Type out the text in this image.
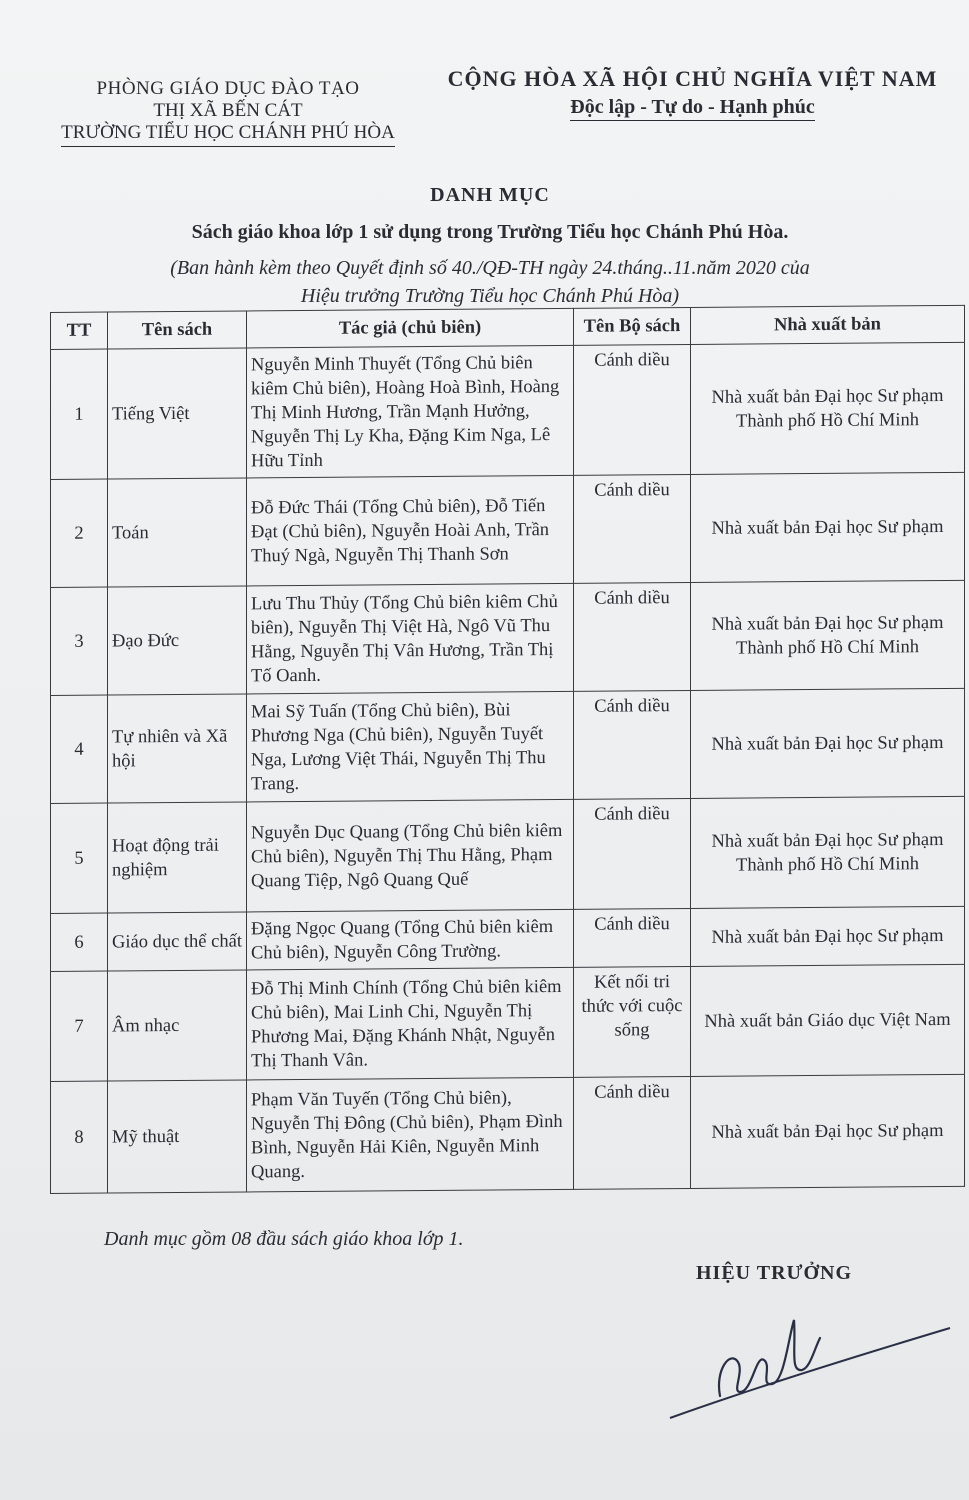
PHÒNG GIÁO DỤC ĐÀO TẠO
THỊ XÃ BẾN CÁT
TRƯỜNG TIỂU HỌC CHÁNH PHÚ HÒA
CỘNG HÒA XÃ HỘI CHỦ NGHĨA VIỆT NAM
Độc lập - Tự do - Hạnh phúc
DANH MỤC
Sách giáo khoa lớp 1 sử dụng trong Trường Tiểu học Chánh Phú Hòa.
(Ban hành kèm theo Quyết định số 40./QĐ-TH ngày 24.tháng..11.năm 2020 của
Hiệu trưởng Trường Tiểu học Chánh Phú Hòa)
TT	Tên sách	Tác giả (chủ biên)	Tên Bộ sách	Nhà xuất bản
1	Tiếng Việt	Nguyễn Minh Thuyết (Tổng Chủ biên kiêm Chủ biên), Hoàng Hoà Bình, Hoàng Thị Minh Hương, Trần Mạnh Hưởng, Nguyễn Thị Ly Kha, Đặng Kim Nga, Lê Hữu Tỉnh	Cánh diều	Nhà xuất bản Đại học Sư phạm Thành phố Hồ Chí Minh
2	Toán	Đỗ Đức Thái (Tổng Chủ biên), Đỗ Tiến Đạt (Chủ biên), Nguyễn Hoài Anh, Trần Thuý Ngà, Nguyễn Thị Thanh Sơn	Cánh diều	Nhà xuất bản Đại học Sư phạm
3	Đạo Đức	Lưu Thu Thủy (Tổng Chủ biên kiêm Chủ biên), Nguyễn Thị Việt Hà, Ngô Vũ Thu Hằng, Nguyễn Thị Vân Hương, Trần Thị Tố Oanh.	Cánh diều	Nhà xuất bản Đại học Sư phạm Thành phố Hồ Chí Minh
4	Tự nhiên và Xã hội	Mai Sỹ Tuấn (Tổng Chủ biên), Bùi Phương Nga (Chủ biên), Nguyễn Tuyết Nga, Lương Việt Thái, Nguyễn Thị Thu Trang.	Cánh diều	Nhà xuất bản Đại học Sư phạm
5	Hoạt động trải nghiệm	Nguyễn Dục Quang (Tổng Chủ biên kiêm Chủ biên), Nguyễn Thị Thu Hằng, Phạm Quang Tiệp, Ngô Quang Quế	Cánh diều	Nhà xuất bản Đại học Sư phạm Thành phố Hồ Chí Minh
6	Giáo dục thể chất	Đặng Ngọc Quang (Tổng Chủ biên kiêm Chủ biên), Nguyễn Công Trường.	Cánh diều	Nhà xuất bản Đại học Sư phạm
7	Âm nhạc	Đỗ Thị Minh Chính (Tổng Chủ biên kiêm Chủ biên), Mai Linh Chi, Nguyễn Thị Phương Mai, Đặng Khánh Nhật, Nguyễn Thị Thanh Vân.	Kết nối tri thức với cuộc sống	Nhà xuất bản Giáo dục Việt Nam
8	Mỹ thuật	Phạm Văn Tuyến (Tổng Chủ biên), Nguyễn Thị Đông (Chủ biên), Phạm Đình Bình, Nguyễn Hải Kiên, Nguyễn Minh Quang.	Cánh diều	Nhà xuất bản Đại học Sư phạm
Danh mục gồm 08 đầu sách giáo khoa lớp 1.
HIỆU TRƯỞNG
